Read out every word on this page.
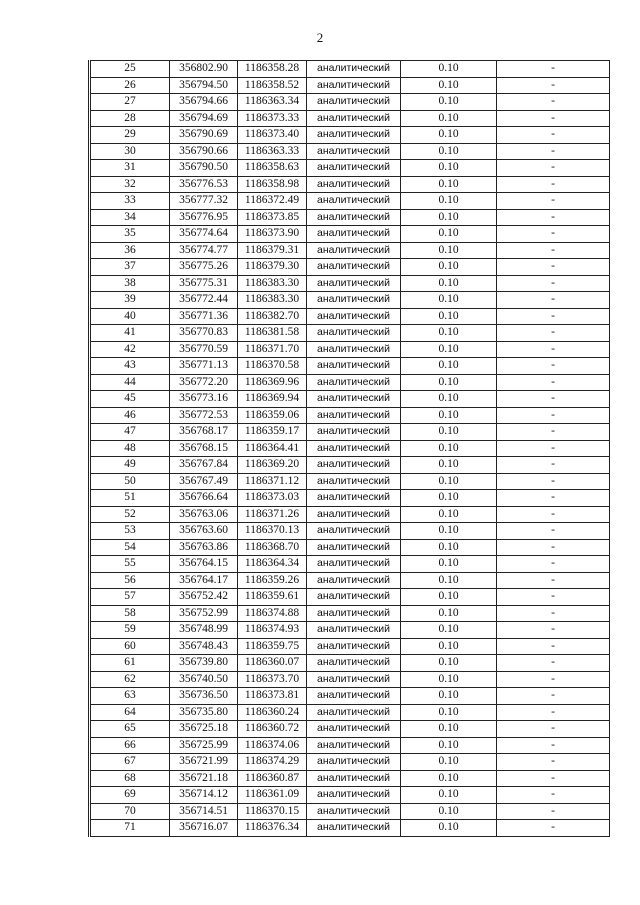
2
25	356802.90	1186358.28	аналитический	0.10	-
26	356794.50	1186358.52	аналитический	0.10	-
27	356794.66	1186363.34	аналитический	0.10	-
28	356794.69	1186373.33	аналитический	0.10	-
29	356790.69	1186373.40	аналитический	0.10	-
30	356790.66	1186363.33	аналитический	0.10	-
31	356790.50	1186358.63	аналитический	0.10	-
32	356776.53	1186358.98	аналитический	0.10	-
33	356777.32	1186372.49	аналитический	0.10	-
34	356776.95	1186373.85	аналитический	0.10	-
35	356774.64	1186373.90	аналитический	0.10	-
36	356774.77	1186379.31	аналитический	0.10	-
37	356775.26	1186379.30	аналитический	0.10	-
38	356775.31	1186383.30	аналитический	0.10	-
39	356772.44	1186383.30	аналитический	0.10	-
40	356771.36	1186382.70	аналитический	0.10	-
41	356770.83	1186381.58	аналитический	0.10	-
42	356770.59	1186371.70	аналитический	0.10	-
43	356771.13	1186370.58	аналитический	0.10	-
44	356772.20	1186369.96	аналитический	0.10	-
45	356773.16	1186369.94	аналитический	0.10	-
46	356772.53	1186359.06	аналитический	0.10	-
47	356768.17	1186359.17	аналитический	0.10	-
48	356768.15	1186364.41	аналитический	0.10	-
49	356767.84	1186369.20	аналитический	0.10	-
50	356767.49	1186371.12	аналитический	0.10	-
51	356766.64	1186373.03	аналитический	0.10	-
52	356763.06	1186371.26	аналитический	0.10	-
53	356763.60	1186370.13	аналитический	0.10	-
54	356763.86	1186368.70	аналитический	0.10	-
55	356764.15	1186364.34	аналитический	0.10	-
56	356764.17	1186359.26	аналитический	0.10	-
57	356752.42	1186359.61	аналитический	0.10	-
58	356752.99	1186374.88	аналитический	0.10	-
59	356748.99	1186374.93	аналитический	0.10	-
60	356748.43	1186359.75	аналитический	0.10	-
61	356739.80	1186360.07	аналитический	0.10	-
62	356740.50	1186373.70	аналитический	0.10	-
63	356736.50	1186373.81	аналитический	0.10	-
64	356735.80	1186360.24	аналитический	0.10	-
65	356725.18	1186360.72	аналитический	0.10	-
66	356725.99	1186374.06	аналитический	0.10	-
67	356721.99	1186374.29	аналитический	0.10	-
68	356721.18	1186360.87	аналитический	0.10	-
69	356714.12	1186361.09	аналитический	0.10	-
70	356714.51	1186370.15	аналитический	0.10	-
71	356716.07	1186376.34	аналитический	0.10	-
